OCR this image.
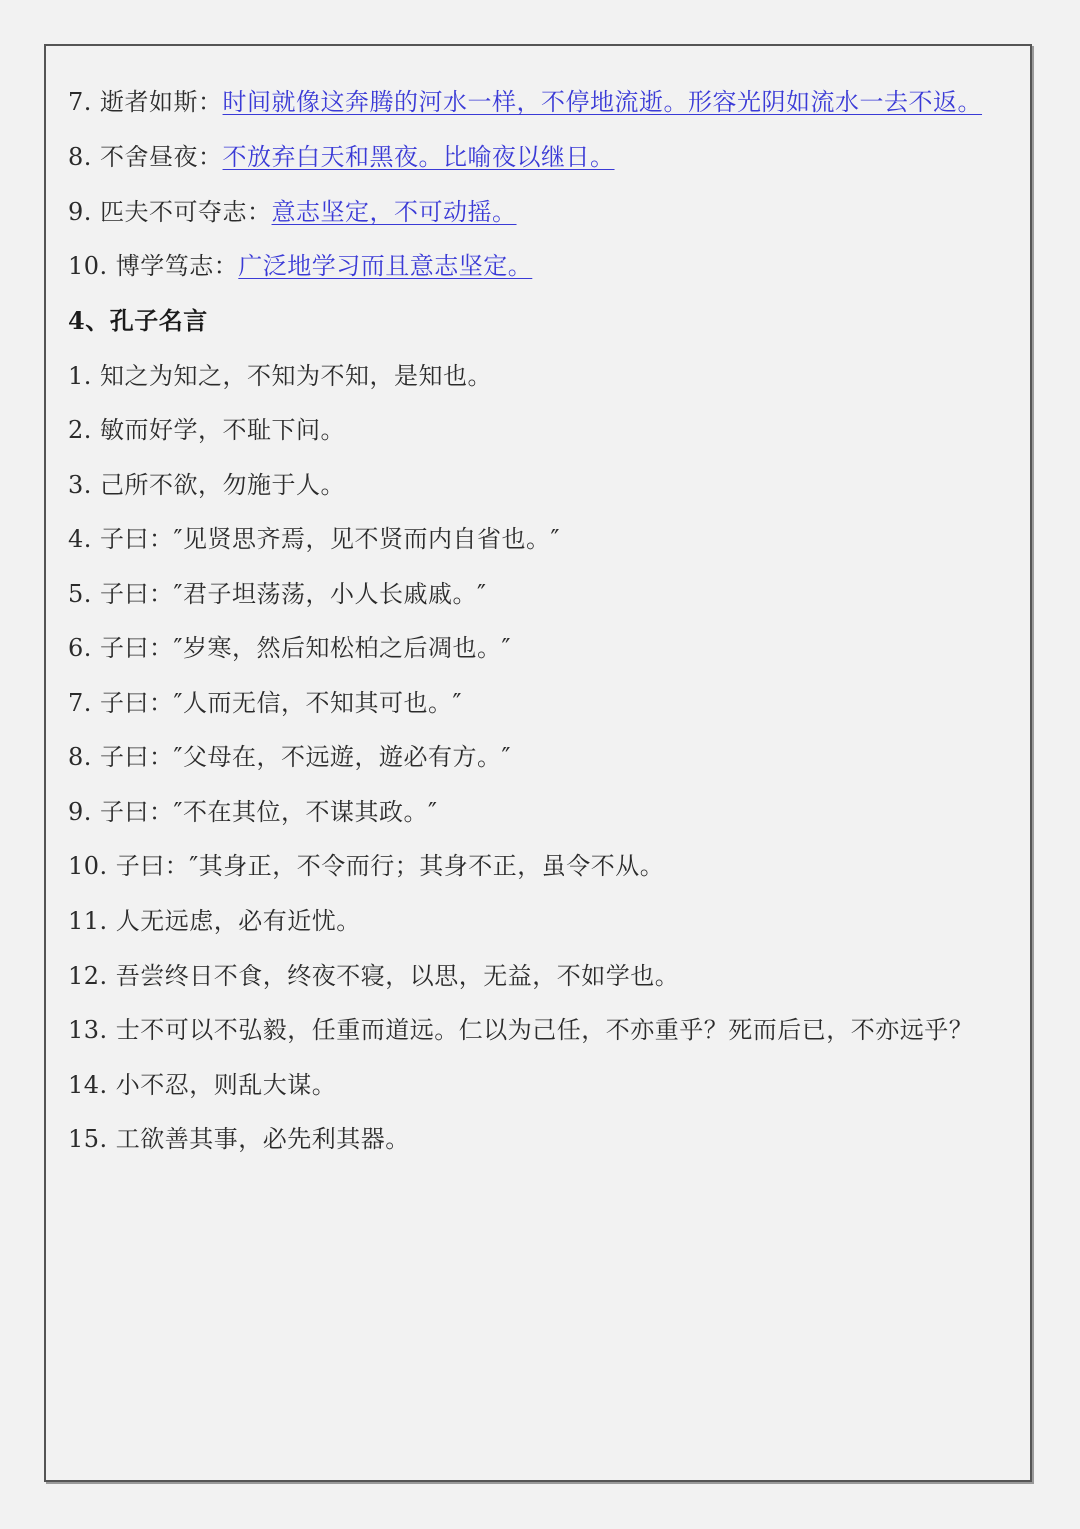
7. 逝者如斯：时间就像这奔腾的河水一样，不停地流逝。形容光阴如流水一去不返。
8. 不舍昼夜：不放弃白天和黑夜。比喻夜以继日。
9. 匹夫不可夺志：意志坚定，不可动摇。
10. 博学笃志：广泛地学习而且意志坚定。
4、孔子名言
1. 知之为知之，不知为不知，是知也。
2. 敏而好学，不耻下问。
3. 己所不欲，勿施于人。
4. 子曰：″见贤思齐焉，见不贤而内自省也。″
5. 子曰：″君子坦荡荡，小人长戚戚。″
6. 子曰：″岁寒，然后知松柏之后凋也。″
7. 子曰：″人而无信，不知其可也。″
8. 子曰：″父母在，不远遊，遊必有方。″
9. 子曰：″不在其位，不谋其政。″
10. 子曰：″其身正，不令而行；其身不正，虽令不从。
11. 人无远虑，必有近忧。
12. 吾尝终日不食，终夜不寝，以思，无益，不如学也。
13. 士不可以不弘毅，任重而道远。仁以为己任，不亦重乎？死而后已，不亦远乎？
14. 小不忍，则乱大谋。
15. 工欲善其事，必先利其器。
